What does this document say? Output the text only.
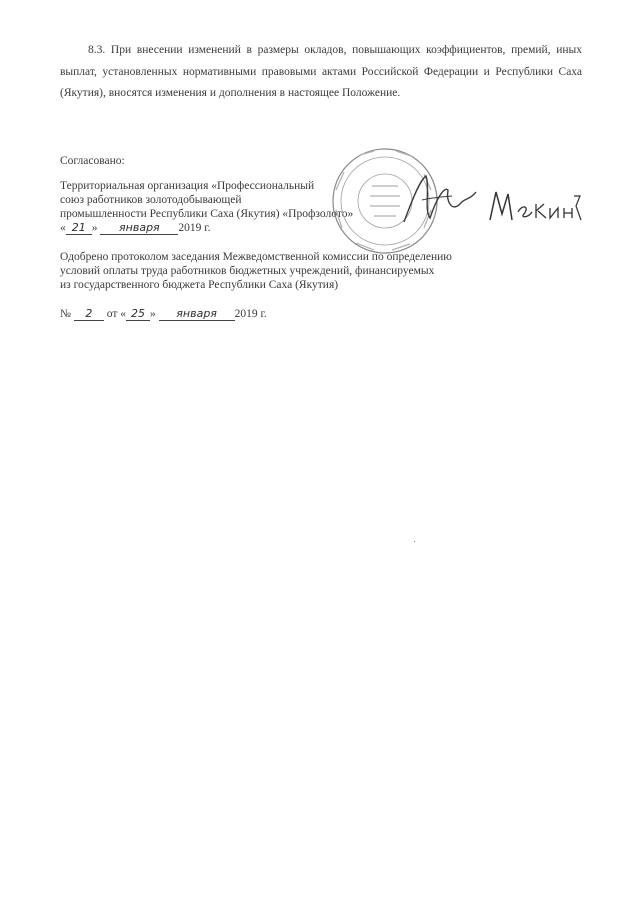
8.3. При внесении изменений в размеры окладов, повышающих коэффициентов, премий, иных выплат, установленных нормативными правовыми актами Российской Федерации и Республики Саха (Якутия), вносятся изменения и дополнения в настоящее Положение.

Согласовано:
Территориальная организация «Профессиональный
союз работников золотодобывающей
промышленности Республики Саха (Якутия) «Профзолото»
« 21 » января 2019 г.
Одобрено протоколом заседания Межведомственной комиссии по определению
условий оплаты труда работников бюджетных учреждений, финансируемых
из государственного бюджета Республики Саха (Якутия)
№ 2 от « 25 » января 2019 г.
